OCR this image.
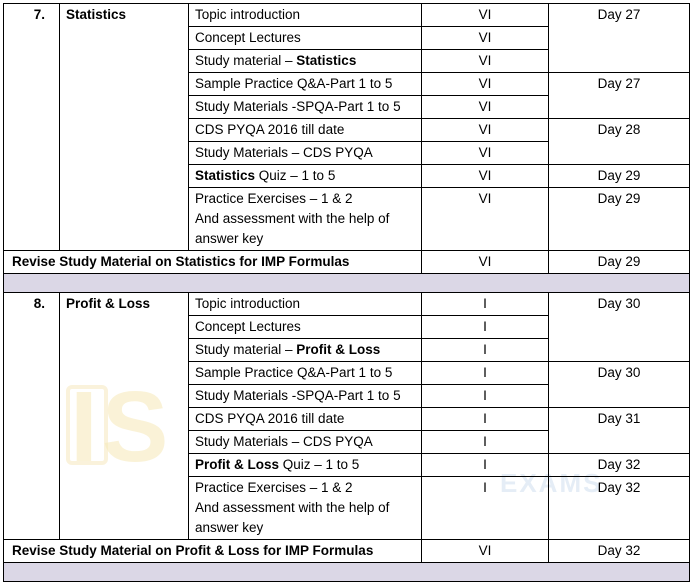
IS	EXAMS
7.	Statistics	Topic introduction	VI	Day 27
		Concept Lectures	VI	
		Study material – Statistics	VI	
		Sample Practice Q&A-Part 1 to 5	VI	Day 27
		Study Materials -SPQA-Part 1 to 5	VI	
		CDS PYQA 2016 till date	VI	Day 28
		Study Materials – CDS PYQA	VI	
		Statistics Quiz – 1 to 5	VI	Day 29

		Practice Exercises – 1 & 2
And assessment with the help of
answer key	VI	Day 29
Revise Study Material on Statistics for IMP Formulas			VI	Day 29

8.	Profit & Loss	Topic introduction	I	Day 30
		Concept Lectures	I	
		Study material – Profit & Loss	I	
		Sample Practice Q&A-Part 1 to 5	I	Day 30
		Study Materials -SPQA-Part 1 to 5	I	
		CDS PYQA 2016 till date	I	Day 31
		Study Materials – CDS PYQA	I	
		Profit & Loss Quiz – 1 to 5	I	Day 32

		Practice Exercises – 1 & 2
And assessment with the help of
answer key	I	Day 32
Revise Study Material on Profit & Loss for IMP Formulas			VI	Day 32
